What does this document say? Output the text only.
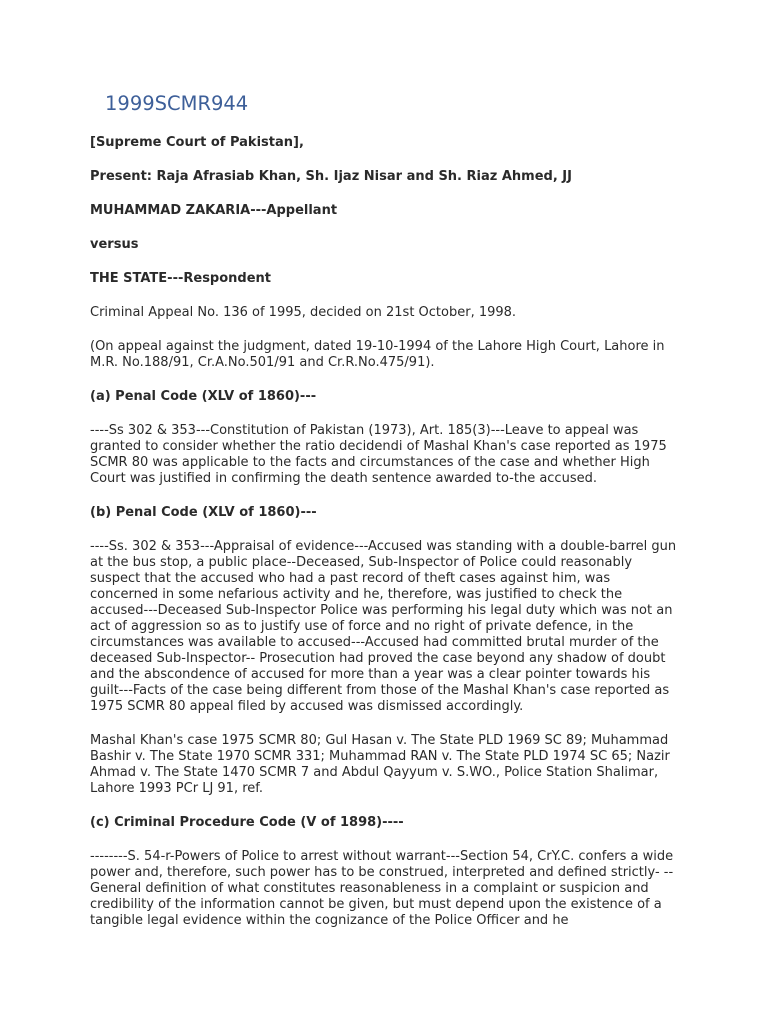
1999SCMR944

[Supreme Court of Pakistan],

Present: Raja Afrasiab Khan, Sh. Ijaz Nisar and Sh. Riaz Ahmed, JJ

MUHAMMAD ZAKARIA---Appellant

versus

THE STATE---Respondent

Criminal Appeal No. 136 of 1995, decided on 21st October, 1998.

(On appeal against the judgment, dated 19-10-1994 of the Lahore High Court, Lahore in M.R. No.188/91, Cr.A.No.501/91 and Cr.R.No.475/91).

(a) Penal Code (XLV of 1860)---

----Ss 302 & 353---Constitution of Pakistan (1973), Art. 185(3)---Leave to appeal was granted to consider whether the ratio decidendi of Mashal Khan's case reported as 1975 SCMR 80 was applicable to the facts and circumstances of the case and whether High Court was justified in confirming the death sentence awarded to-the accused.

(b) Penal Code (XLV of 1860)---

----Ss. 302 & 353---Appraisal of evidence---Accused was standing with a double-barrel gun at the bus stop, a public place--Deceased, Sub-Inspector of Police could reasonably suspect that the accused who had a past record of theft cases against him, was concerned in some nefarious activity and he, therefore, was justified to check the accused---Deceased Sub-Inspector Police was performing his legal duty which was not an act of aggression so as to justify use of force and no right of private defence, in the circumstances was available to accused---Accused had committed brutal murder of the deceased Sub-Inspector-- Prosecution had proved the case beyond any shadow of doubt and the abscondence of accused for more than a year was a clear pointer towards his guilt---Facts of the case being different from those of the Mashal Khan's case reported as 1975 SCMR 80 appeal filed by accused was dismissed accordingly.

Mashal Khan's case 1975 SCMR 80; Gul Hasan v. The State PLD 1969 SC 89; Muhammad Bashir v. The State 1970 SCMR 331; Muhammad RAN v. The State PLD 1974 SC 65; Nazir Ahmad v. The State 1470 SCMR 7 and Abdul Qayyum v. S.WO., Police Station Shalimar, Lahore 1993 PCr LJ 91, ref.

(c) Criminal Procedure Code (V of 1898)----

--------S. 54-r-Powers of Police to arrest without warrant---Section 54, CrY.C. confers a wide power and, therefore, such power has to be construed, interpreted and defined strictly- --General definition of what constitutes reasonableness in a complaint or suspicion and credibility of the information cannot be given, but must depend upon the existence of a tangible legal evidence within the cognizance of the Police Officer and he
